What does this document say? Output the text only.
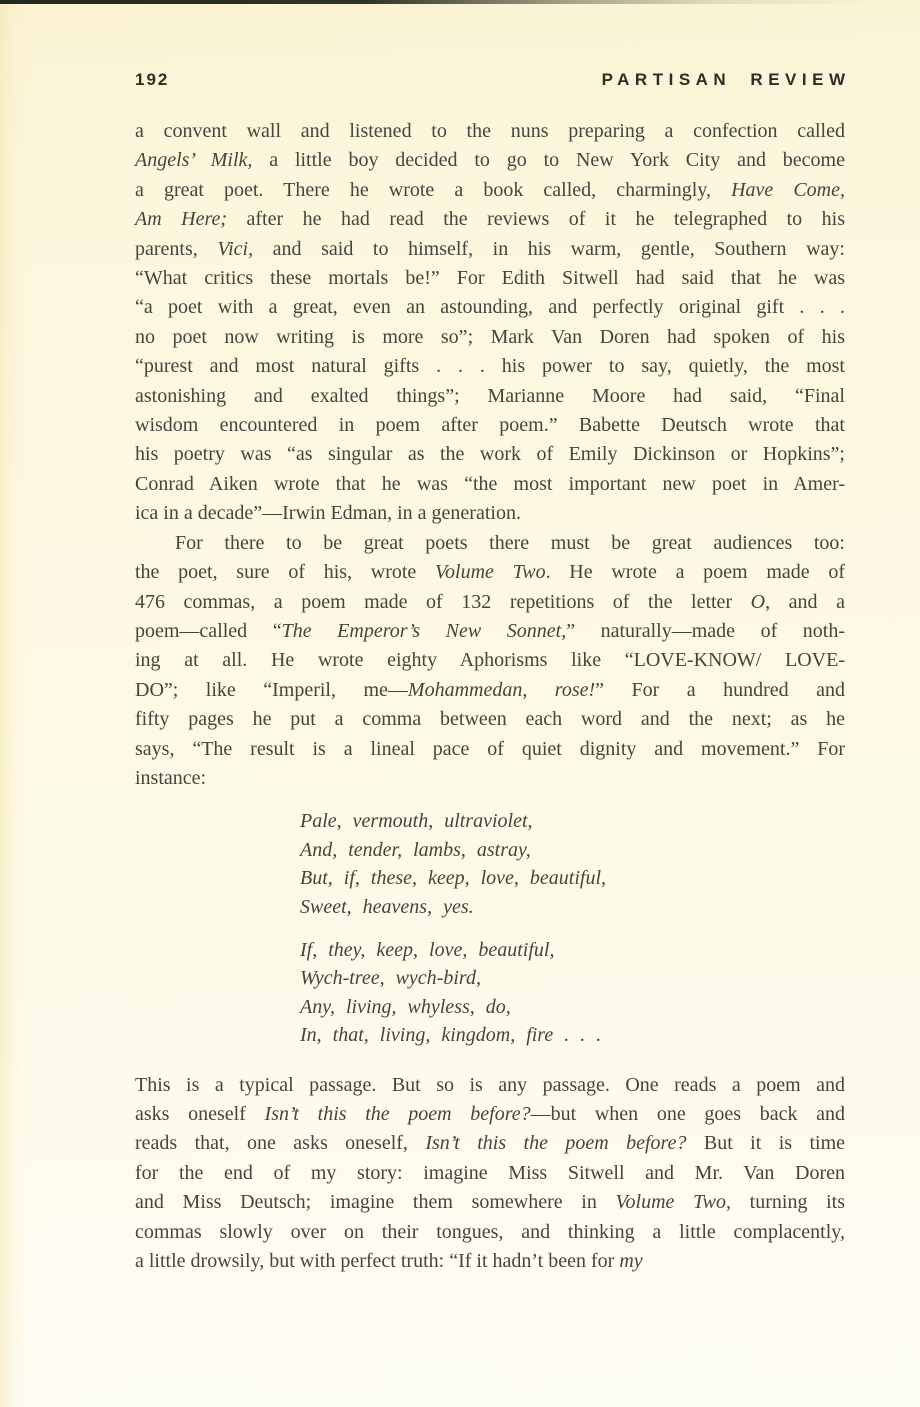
192	PARTISAN REVIEW
a convent wall and listened to the nuns preparing a confection called
Angels’ Milk, a little boy decided to go to New York City and become
a great poet. There he wrote a book called, charmingly, Have Come,
Am Here; after he had read the reviews of it he telegraphed to his
parents, Vici, and said to himself, in his warm, gentle, Southern way:
“What critics these mortals be!” For Edith Sitwell had said that he was
“a poet with a great, even an astounding, and perfectly original gift . . .
no poet now writing is more so”; Mark Van Doren had spoken of his
“purest and most natural gifts . . . his power to say, quietly, the most
astonishing and exalted things”; Marianne Moore had said, “Final
wisdom encountered in poem after poem.” Babette Deutsch wrote that
his poetry was “as singular as the work of Emily Dickinson or Hopkins”;
Conrad Aiken wrote that he was “the most important new poet in Amer-
ica in a decade”—Irwin Edman, in a generation.
For there to be great poets there must be great audiences too:
the poet, sure of his, wrote Volume Two. He wrote a poem made of
476 commas, a poem made of 132 repetitions of the letter O, and a
poem—called “The Emperor’s New Sonnet,” naturally—made of noth-
ing at all. He wrote eighty Aphorisms like “LOVE-KNOW/ LOVE-
DO”; like “Imperil, me—Mohammedan, rose!” For a hundred and
fifty pages he put a comma between each word and the next; as he
says, “The result is a lineal pace of quiet dignity and movement.” For
instance:
Pale, vermouth, ultraviolet,
And, tender, lambs, astray,
But, if, these, keep, love, beautiful,
Sweet, heavens, yes.
If, they, keep, love, beautiful,
Wych-tree, wych-bird,
Any, living, whyless, do,
In, that, living, kingdom, fire . . .
This is a typical passage. But so is any passage. One reads a poem and
asks oneself Isn’t this the poem before?—but when one goes back and
reads that, one asks oneself, Isn’t this the poem before? But it is time
for the end of my story: imagine Miss Sitwell and Mr. Van Doren
and Miss Deutsch; imagine them somewhere in Volume Two, turning its
commas slowly over on their tongues, and thinking a little complacently,
a little drowsily, but with perfect truth: “If it hadn’t been for my
